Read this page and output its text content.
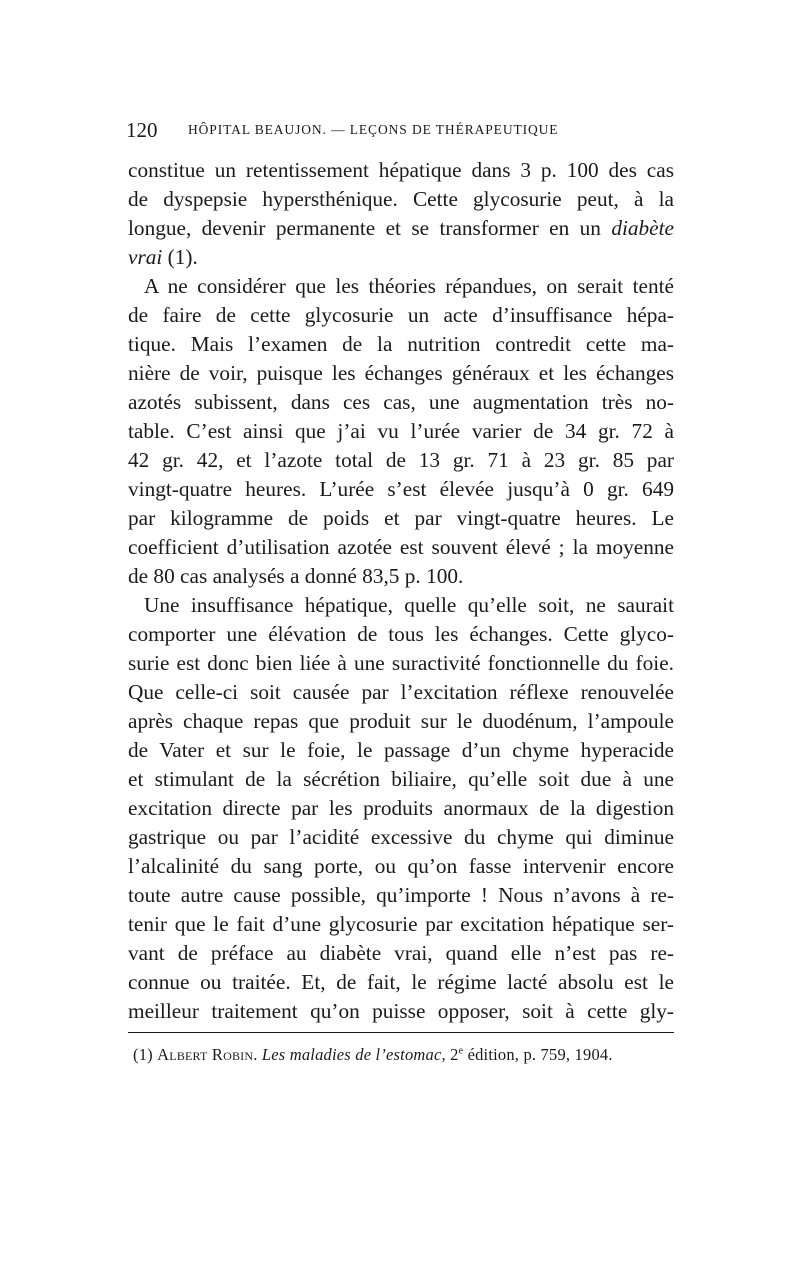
120 HÔPITAL BEAUJON. — LEÇONS DE THÉRAPEUTIQUE
constitue un retentissement hépatique dans 3 p. 100 des cas
de dyspepsie hypersthénique. Cette glycosurie peut, à la
longue, devenir permanente et se transformer en un diabète
vrai (1).
A ne considérer que les théories répandues, on serait tenté
de faire de cette glycosurie un acte d’insuffisance hépa-
tique. Mais l’examen de la nutrition contredit cette ma-
nière de voir, puisque les échanges généraux et les échanges
azotés subissent, dans ces cas, une augmentation très no-
table. C’est ainsi que j’ai vu l’urée varier de 34 gr. 72 à
42 gr. 42, et l’azote total de 13 gr. 71 à 23 gr. 85 par
vingt-quatre heures. L’urée s’est élevée jusqu’à 0 gr. 649
par kilogramme de poids et par vingt-quatre heures. Le
coefficient d’utilisation azotée est souvent élevé ; la moyenne
de 80 cas analysés a donné 83,5 p. 100.
Une insuffisance hépatique, quelle qu’elle soit, ne saurait
comporter une élévation de tous les échanges. Cette glyco-
surie est donc bien liée à une suractivité fonctionnelle du foie.
Que celle-ci soit causée par l’excitation réflexe renouvelée
après chaque repas que produit sur le duodénum, l’ampoule
de Vater et sur le foie, le passage d’un chyme hyperacide
et stimulant de la sécrétion biliaire, qu’elle soit due à une
excitation directe par les produits anormaux de la digestion
gastrique ou par l’acidité excessive du chyme qui diminue
l’alcalinité du sang porte, ou qu’on fasse intervenir encore
toute autre cause possible, qu’importe ! Nous n’avons à re-
tenir que le fait d’une glycosurie par excitation hépatique ser-
vant de préface au diabète vrai, quand elle n’est pas re-
connue ou traitée. Et, de fait, le régime lacté absolu est le
meilleur traitement qu’on puisse opposer, soit à cette gly-
(1) Albert Robin. Les maladies de l’estomac, 2e édition, p. 759, 1904.
